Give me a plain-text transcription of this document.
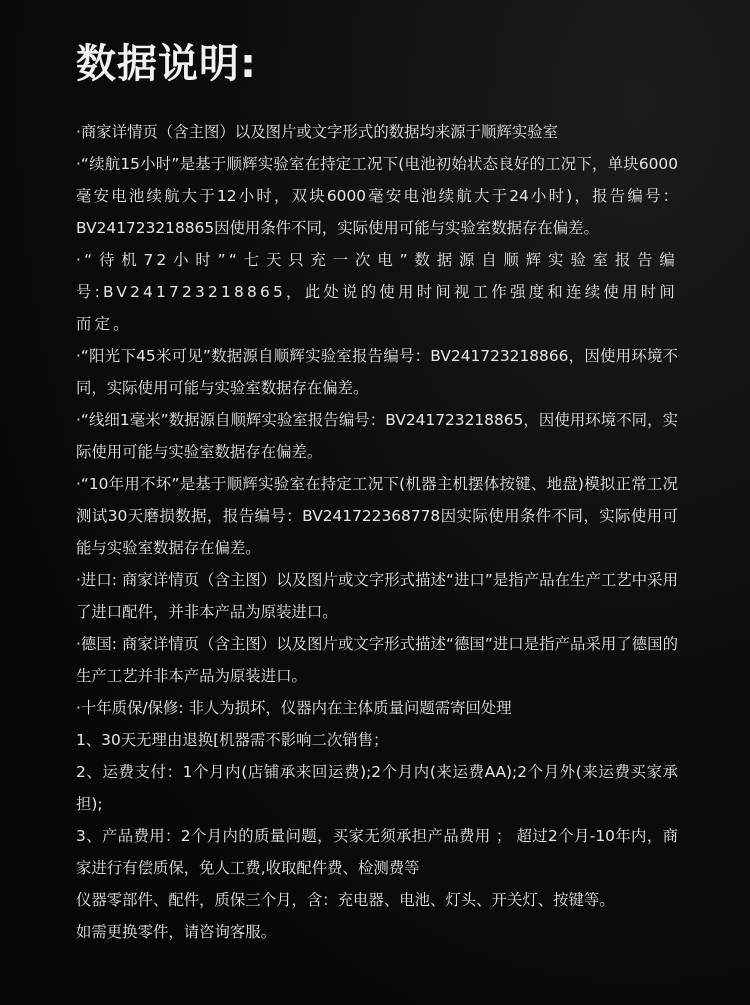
数据说明:

·商家详情页（含主图）以及图片或文字形式的数据均来源于顺辉实验室

·“续航15小时”是基于顺辉实验室在持定工况下(电池初始状态良好的工况下，单块6000毫安电池续航大于12小时，双块6000毫安电池续航大于24小时)，报告编号：BV241723218865因使用条件不同，实际使用可能与实验室数据存在偏差。

·“待机72小时”“七天只充一次电”数据源自顺辉实验室报告编号:BV241723218865，此处说的使用时间视工作强度和连续使用时间而定。

·“阳光下45米可见”数据源自顺辉实验室报告编号：BV241723218866，因使用环境不同，实际使用可能与实验室数据存在偏差。

·“线细1毫米”数据源自顺辉实验室报告编号：BV241723218865，因使用环境不同，实际使用可能与实验室数据存在偏差。

·“10年用不坏”是基于顺辉实验室在持定工况下(机器主机摆体按键、地盘)模拟正常工况测试30天磨损数据，报告编号：BV241722368778因实际使用条件不同，实际使用可能与实验室数据存在偏差。

·进口: 商家详情页（含主图）以及图片或文字形式描述“进口”是指产品在生产工艺中采用了进口配件，并非本产品为原装进口。

·德国: 商家详情页（含主图）以及图片或文字形式描述“德国”进口是指产品采用了德国的生产工艺并非本产品为原装进口。

·十年质保/保修: 非人为损坏，仪器内在主体质量问题需寄回处理

1、30天无理由退换[机器需不影响二次销售；

2、运费支付：1个月内(店铺承来回运费);2个月内(来运费AA);2个月外(来运费买家承担);

3、产品费用：2个月内的质量问题，买家无须承担产品费用 ； 超过2个月-10年内，商家进行有偿质保，免人工费,收取配件费、检测费等

仪器零部件、配件，质保三个月，含：充电器、电池、灯头、开关灯、按键等。

如需更换零件，请咨询客服。
